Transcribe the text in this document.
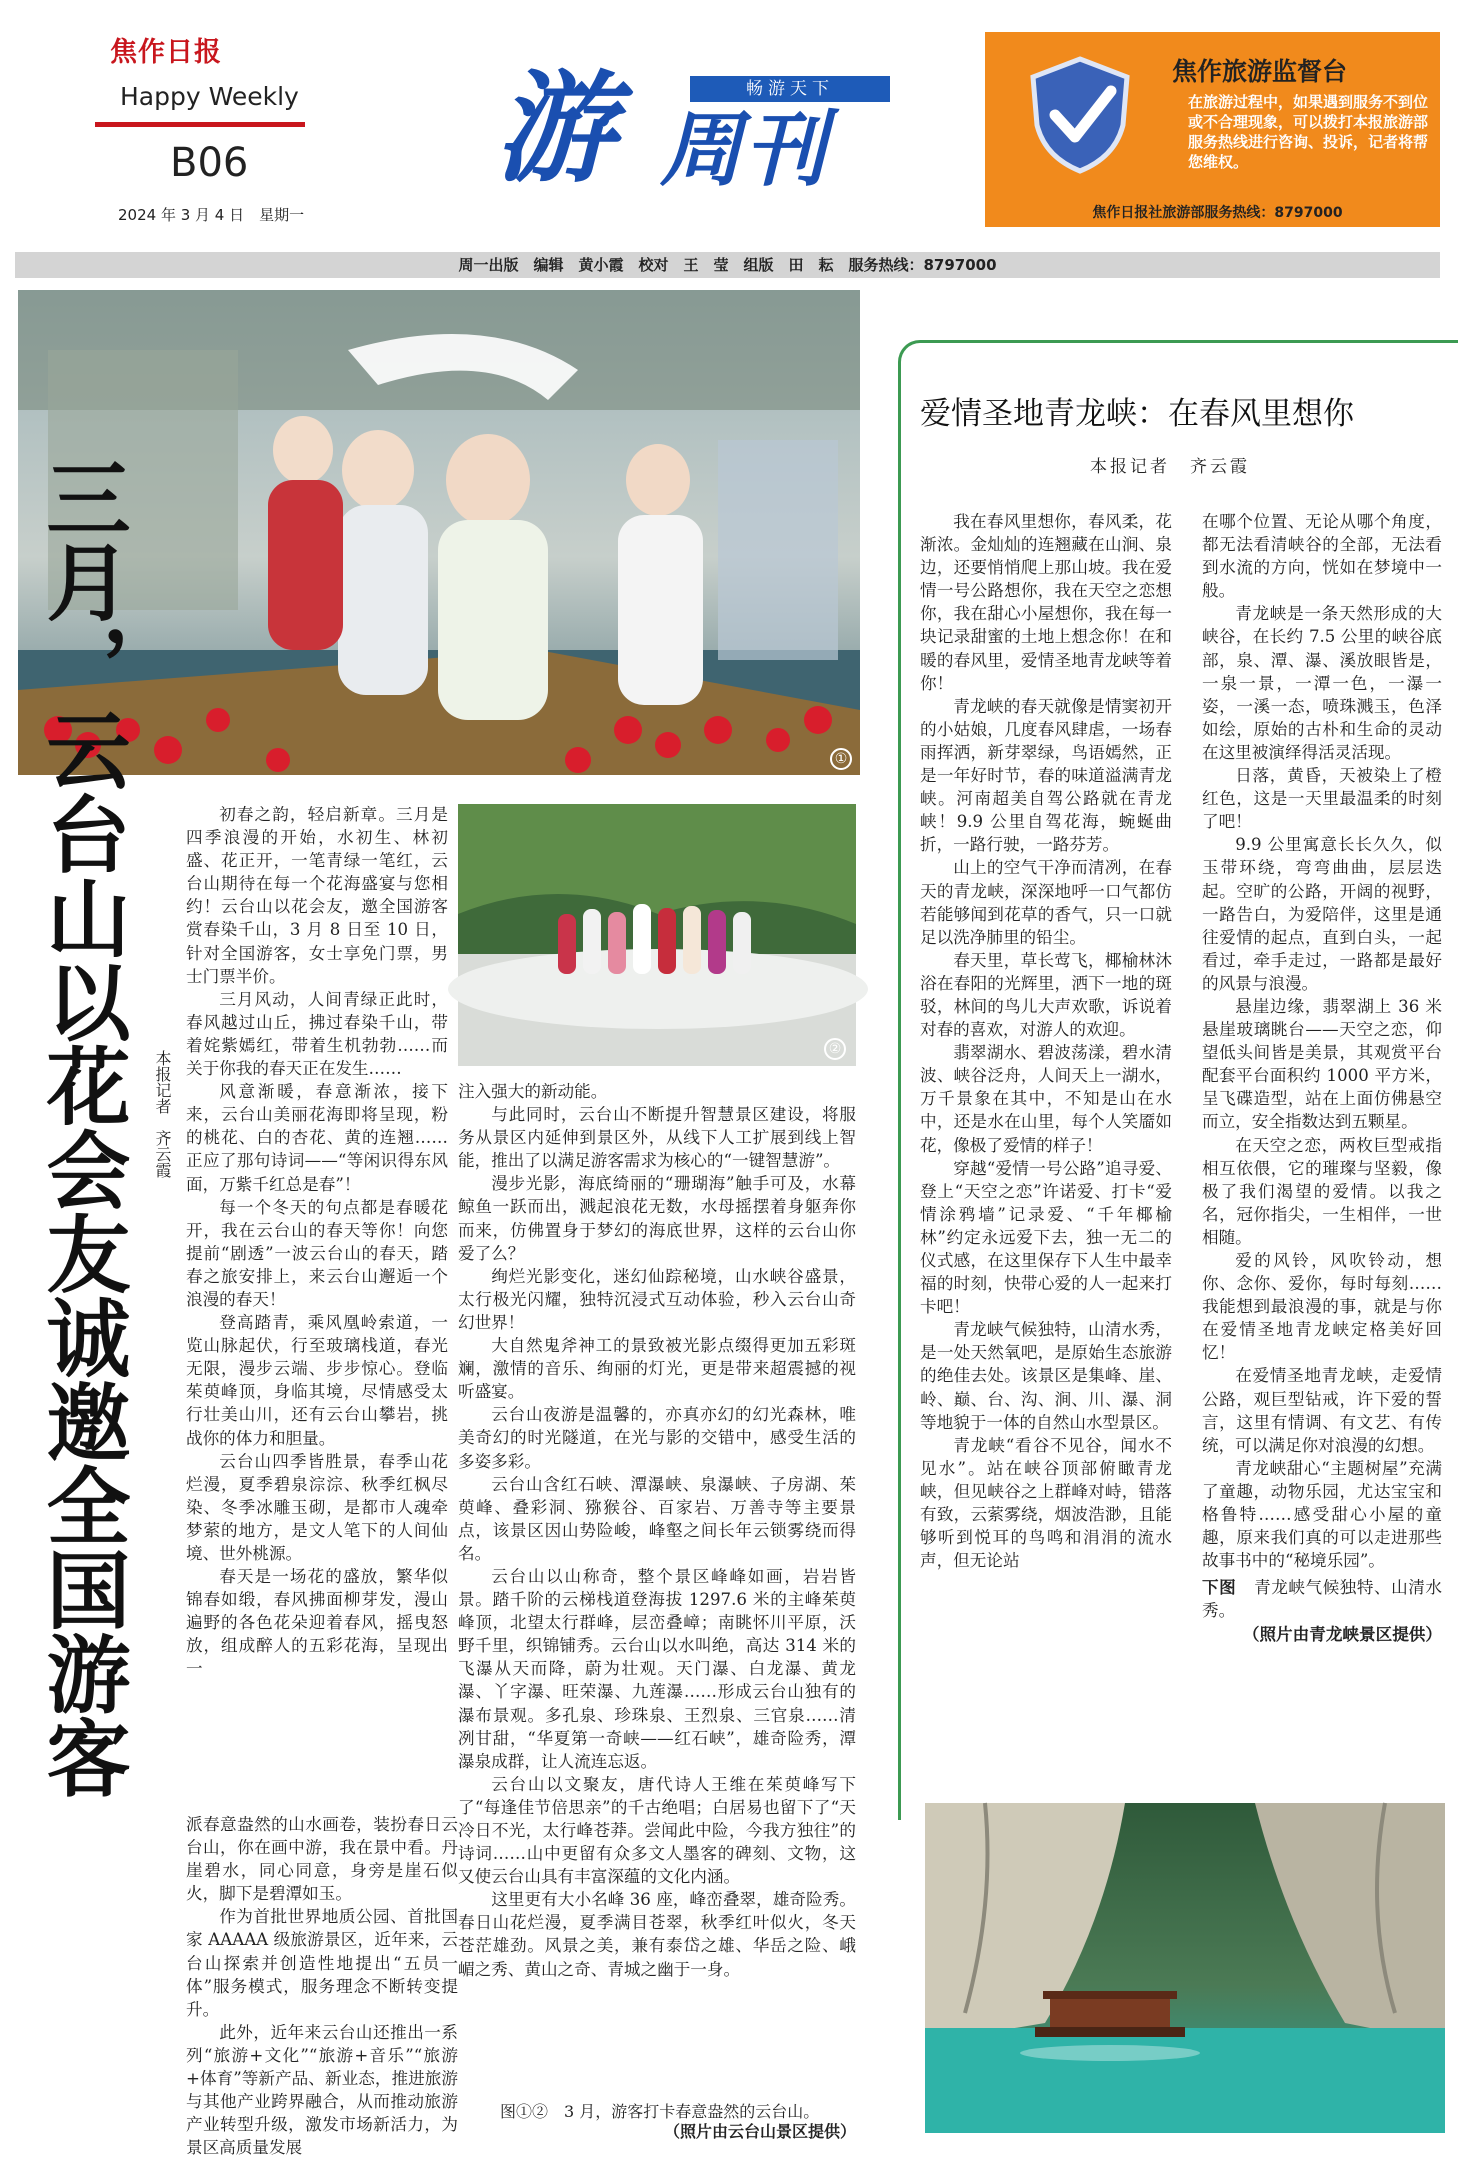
焦作日报
Happy Weekly
B06
2024 年 3 月 4 日　星期一
游	畅游天下
周刊
焦作旅游监督台
在旅游过程中，如果遇到服务不到位或不合理现象，可以拨打本报旅游部服务热线进行咨询、投诉，记者将帮您维权。
焦作日报社旅游部服务热线：8797000
周一出版　编辑　黄小霞　校对　王　莹　组版　田　耘　服务热线：8797000
①
三月，云台山以花会友诚邀全国游客	本报记者　齐云霞

初春之韵，轻启新章。三月是四季浪漫的开始，水初生、林初盛、花正开，一笔青绿一笔红，云台山期待在每一个花海盛宴与您相约！云台山以花会友，邀全国游客赏春染千山，3 月 8 日至 10 日，针对全国游客，女士享免门票，男士门票半价。

三月风动，人间青绿正此时，春风越过山丘，拂过春染千山，带着姹紫嫣红，带着生机勃勃……而关于你我的春天正在发生……

风意渐暖，春意渐浓，接下来，云台山美丽花海即将呈现，粉的桃花、白的杏花、黄的连翘……正应了那句诗词——“等闲识得东风面，万紫千红总是春”！

每一个冬天的句点都是春暖花开，我在云台山的春天等你！向您提前“剧透”一波云台山的春天，踏春之旅安排上，来云台山邂逅一个浪漫的春天！

登高踏青，乘风凰岭索道，一览山脉起伏，行至玻璃栈道，春光无限，漫步云端、步步惊心。登临茱萸峰顶，身临其境，尽情感受太行壮美山川，还有云台山攀岩，挑战你的体力和胆量。

云台山四季皆胜景，春季山花烂漫，夏季碧泉淙淙、秋季红枫尽染、冬季冰雕玉砌，是都市人魂牵梦萦的地方，是文人笔下的人间仙境、世外桃源。

春天是一场花的盛放，繁华似锦春如缎，春风拂面柳芽发，漫山遍野的各色花朵迎着春风，摇曳怒放，组成醉人的五彩花海，呈现出一

派春意盎然的山水画卷，装扮春日云台山，你在画中游，我在景中看。丹崖碧水，同心同意，身旁是崖石似火，脚下是碧潭如玉。

作为首批世界地质公园、首批国家 AAAAA 级旅游景区，近年来，云台山探索并创造性地提出“五员一体”服务模式，服务理念不断转变提升。

此外，近年来云台山还推出一系列“旅游+文化”“旅游+音乐”“旅游+体育”等新产品、新业态，推进旅游与其他产业跨界融合，从而推动旅游产业转型升级，激发市场新活力，为景区高质量发展

②

注入强大的新动能。

与此同时，云台山不断提升智慧景区建设，将服务从景区内延伸到景区外，从线下人工扩展到线上智能，推出了以满足游客需求为核心的“一键智慧游”。

漫步光影，海底绮丽的“珊瑚海”触手可及，水幕鲸鱼一跃而出，溅起浪花无数，水母摇摆着身躯奔你而来，仿佛置身于梦幻的海底世界，这样的云台山你爱了么？

绚烂光影变化，迷幻仙踪秘境，山水峡谷盛景，太行极光闪耀，独特沉浸式互动体验，秒入云台山奇幻世界！

大自然鬼斧神工的景致被光影点缀得更加五彩斑斓，激情的音乐、绚丽的灯光，更是带来超震撼的视听盛宴。

云台山夜游是温馨的，亦真亦幻的幻光森林，唯美奇幻的时光隧道，在光与影的交错中，感受生活的多姿多彩。

云台山含红石峡、潭瀑峡、泉瀑峡、子房湖、茱萸峰、叠彩洞、猕猴谷、百家岩、万善寺等主要景点，该景区因山势险峻，峰壑之间长年云锁雾绕而得名。

云台山以山称奇，整个景区峰峰如画，岩岩皆景。踏千阶的云梯栈道登海拔 1297.6 米的主峰茱萸峰顶，北望太行群峰，层峦叠嶂；南眺怀川平原，沃野千里，织锦铺秀。云台山以水叫绝，高达 314 米的飞瀑从天而降，蔚为壮观。天门瀑、白龙瀑、黄龙瀑、丫字瀑、旺荣瀑、九莲瀑……形成云台山独有的瀑布景观。多孔泉、珍珠泉、王烈泉、三官泉……清冽甘甜，“华夏第一奇峡——红石峡”，雄奇险秀，潭瀑泉成群，让人流连忘返。

云台山以文聚友，唐代诗人王维在茱萸峰写下了“每逢佳节倍思亲”的千古绝唱；白居易也留下了“天冷日不光，太行峰苍莽。尝闻此中险，今我方独往”的诗词……山中更留有众多文人墨客的碑刻、文物，这又使云台山具有丰富深蕴的文化内涵。

这里更有大小名峰 36 座，峰峦叠翠，雄奇险秀。春日山花烂漫，夏季满目苍翠，秋季红叶似火，冬天苍茫雄劲。风景之美，兼有泰岱之雄、华岳之险、峨嵋之秀、黄山之奇、青城之幽于一身。

图①②　3 月，游客打卡春意盎然的云台山。
（照片由云台山景区提供）
爱情圣地青龙峡：在春风里想你
本报记者　齐云霞

我在春风里想你，春风柔，花渐浓。金灿灿的连翘藏在山涧、泉边，还要悄悄爬上那山坡。我在爱情一号公路想你，我在天空之恋想你，我在甜心小屋想你，我在每一块记录甜蜜的土地上想念你！在和暖的春风里，爱情圣地青龙峡等着你！

青龙峡的春天就像是情窦初开的小姑娘，几度春风肆虐，一场春雨挥洒，新芽翠绿，鸟语嫣然，正是一年好时节，春的味道溢满青龙峡。河南超美自驾公路就在青龙峡！9.9 公里自驾花海，蜿蜒曲折，一路行驶，一路芬芳。

山上的空气干净而清冽，在春天的青龙峡，深深地呼一口气都仿若能够闻到花草的香气，只一口就足以洗净肺里的铅尘。

春天里，草长莺飞，椰榆林沐浴在春阳的光辉里，洒下一地的斑驳，林间的鸟儿大声欢歌，诉说着对春的喜欢，对游人的欢迎。

翡翠湖水、碧波荡漾，碧水清波、峡谷泛舟，人间天上一湖水，万千景象在其中，不知是山在水中，还是水在山里，每个人笑靥如花，像极了爱情的样子！

穿越“爱情一号公路”追寻爱、登上“天空之恋”许诺爱、打卡“爱情涂鸦墙”记录爱、“千年椰榆林”约定永远爱下去，独一无二的仪式感，在这里保存下人生中最幸福的时刻，快带心爱的人一起来打卡吧！

青龙峡气候独特，山清水秀，是一处天然氧吧，是原始生态旅游的绝佳去处。该景区是集峰、崖、岭、巅、台、沟、涧、川、瀑、洞等地貌于一体的自然山水型景区。

青龙峡“看谷不见谷，闻水不见水”。站在峡谷顶部俯瞰青龙峡，但见峡谷之上群峰对峙，错落有致，云萦雾绕，烟波浩渺，且能够听到悦耳的鸟鸣和涓涓的流水声，但无论站

在哪个位置、无论从哪个角度，都无法看清峡谷的全部，无法看到水流的方向，恍如在梦境中一般。

青龙峡是一条天然形成的大峡谷，在长约 7.5 公里的峡谷底部，泉、潭、瀑、溪放眼皆是，一泉一景，一潭一色，一瀑一姿，一溪一态，喷珠溅玉，色泽如绘，原始的古朴和生命的灵动在这里被演绎得活灵活现。

日落，黄昏，天被染上了橙红色，这是一天里最温柔的时刻了吧！

9.9 公里寓意长长久久，似玉带环绕，弯弯曲曲，层层迭起。空旷的公路，开阔的视野，一路告白，为爱陪伴，这里是通往爱情的起点，直到白头，一起看过，牵手走过，一路都是最好的风景与浪漫。

悬崖边缘，翡翠湖上 36 米悬崖玻璃眺台——天空之恋，仰望低头间皆是美景，其观赏平台配套平台面积约 1000 平方米，呈飞碟造型，站在上面仿佛悬空而立，安全指数达到五颗星。

在天空之恋，两枚巨型戒指相互依偎，它的璀璨与坚毅，像极了我们渴望的爱情。以我之名，冠你指尖，一生相伴，一世相随。

爱的风铃，风吹铃动，想你、念你、爱你，每时每刻……我能想到最浪漫的事，就是与你在爱情圣地青龙峡定格美好回忆！

在爱情圣地青龙峡，走爱情公路，观巨型钻戒，许下爱的誓言，这里有情调、有文艺、有传统，可以满足你对浪漫的幻想。

青龙峡甜心“主题树屋”充满了童趣，动物乐园，尤达宝宝和格鲁特……感受甜心小屋的童趣，原来我们真的可以走进那些故事书中的“秘境乐园”。

下图 青龙峡气候独特、山清水秀。

（照片由青龙峡景区提供）
